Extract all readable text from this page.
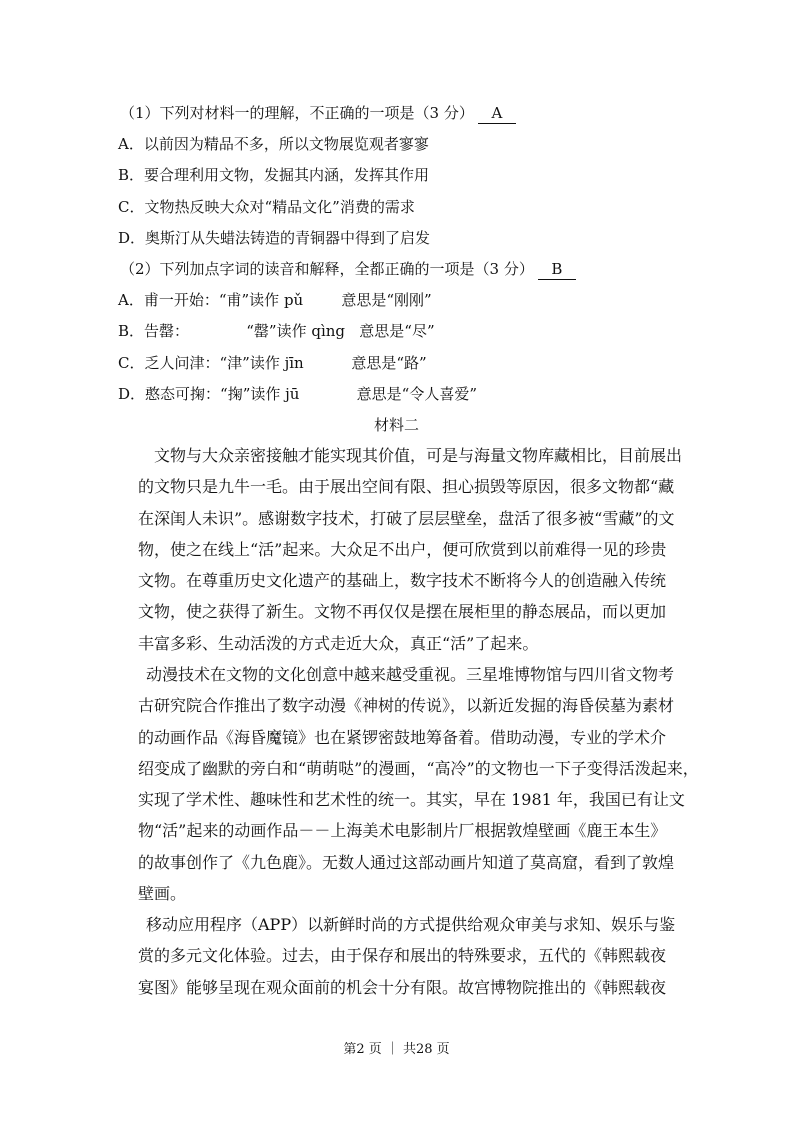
（1）下列对材料一的理解，不正确的一项是（3 分） A
A．以前因为精品不多，所以文物展览观者寥寥
B．要合理利用文物，发掘其内涵，发挥其作用
C．文物热反映大众对“精品文化”消费的需求
D．奥斯汀从失蜡法铸造的青铜器中得到了启发
（2）下列加点字词的读音和解释，全都正确的一项是（3 分） B
A．甫一开始：“甫”读作 pǔ        意思是“刚刚”
B．告罄：            “罄”读作 qìng   意思是“尽”
C．乏人问津：“津”读作 jīn          意思是“路”
D．憨态可掬：“掬”读作 jū            意思是“令人喜爱”
材料二
　文物与大众亲密接触才能实现其价值，可是与海量文物库藏相比，目前展出
的文物只是九牛一毛。由于展出空间有限、担心损毁等原因，很多文物都“藏
在深闺人未识”。感谢数字技术，打破了层层壁垒，盘活了很多被“雪藏”的文
物，使之在线上“活”起来。大众足不出户，便可欣赏到以前难得一见的珍贵
文物。在尊重历史文化遗产的基础上，数字技术不断将今人的创造融入传统
文物，使之获得了新生。文物不再仅仅是摆在展柜里的静态展品，而以更加
丰富多彩、生动活泼的方式走近大众，真正“活”了起来。
动漫技术在文物的文化创意中越来越受重视。三星堆博物馆与四川省文物考
古研究院合作推出了数字动漫《神树的传说》，以新近发掘的海昏侯墓为素材
的动画作品《海昏魔镜》也在紧锣密鼓地筹备着。借助动漫，专业的学术介
绍变成了幽默的旁白和“萌萌哒”的漫画，“高冷”的文物也一下子变得活泼起来，
实现了学术性、趣味性和艺术性的统一。其实，早在 1981 年，我国已有让文
物“活”起来的动画作品－－上海美术电影制片厂根据敦煌壁画《鹿王本生》
的故事创作了《九色鹿》。无数人通过这部动画片知道了莫高窟，看到了敦煌
壁画。
移动应用程序（APP）以新鲜时尚的方式提供给观众审美与求知、娱乐与鉴
赏的多元文化体验。过去，由于保存和展出的特殊要求，五代的《韩熙载夜
宴图》能够呈现在观众面前的机会十分有限。故宫博物院推出的《韩熙载夜
第2 页 ｜ 共28 页
